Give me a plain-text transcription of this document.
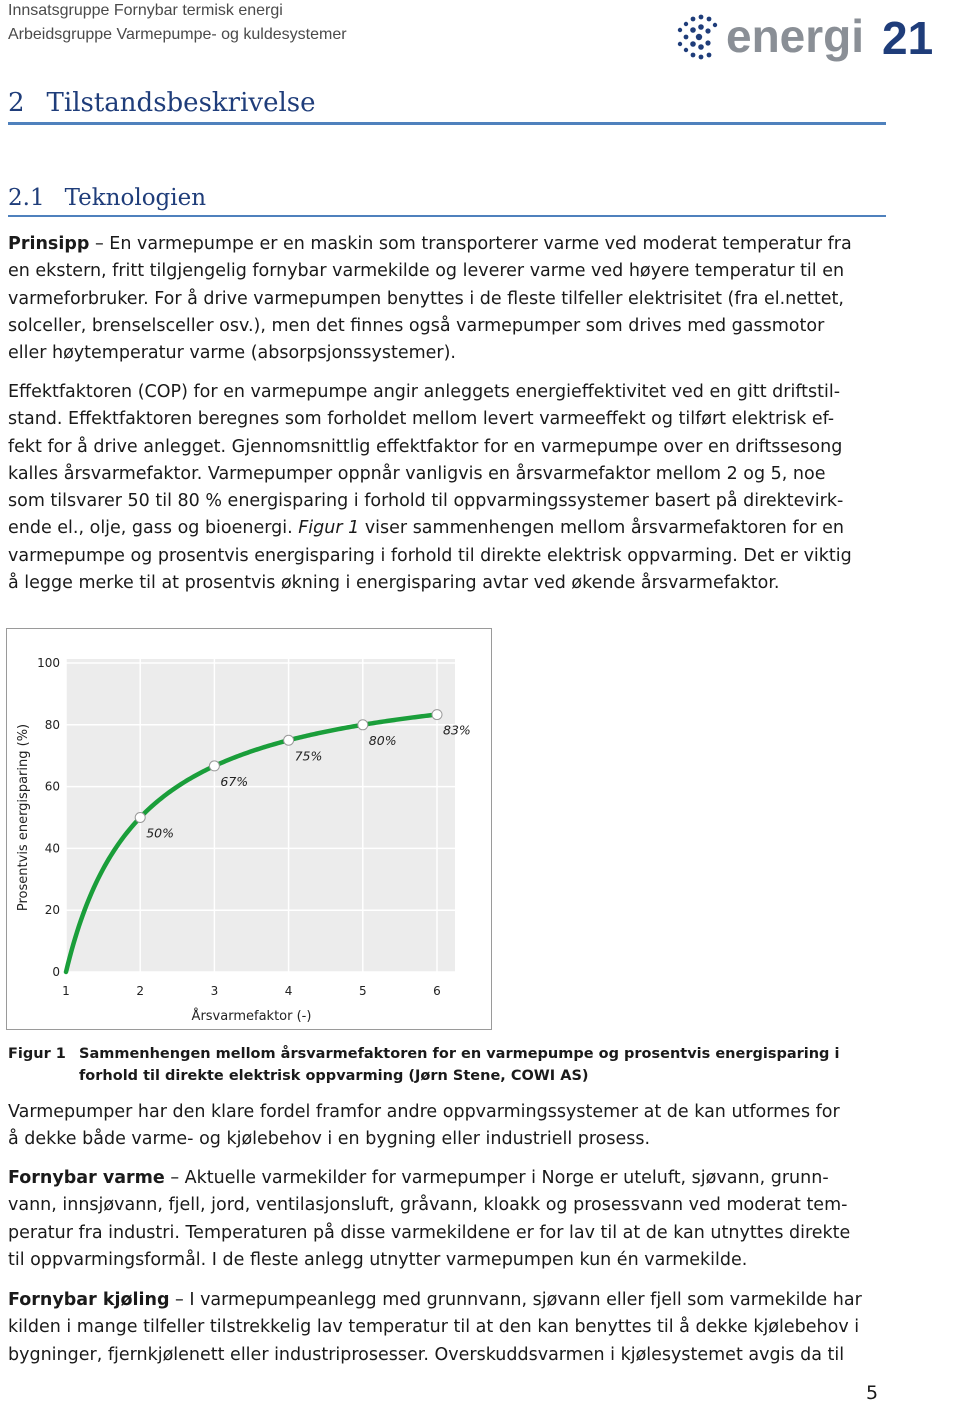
Innsatsgruppe Fornybar termisk energi
Arbeidsgruppe Varmepumpe- og kuldesystemer	energi 21
2 Tilstandsbeskrivelse
2.1 Teknologien
Prinsipp – En varmepumpe er en maskin som transporterer varme ved moderat temperatur fra
en ekstern, fritt tilgjengelig fornybar varmekilde og leverer varme ved høyere temperatur til en
varmeforbruker. For å drive varmepumpen benyttes i de fleste tilfeller elektrisitet (fra el.nettet,
solceller, brenselsceller osv.), men det finnes også varmepumper som drives med gassmotor
eller høytemperatur varme (absorpsjonssystemer).
Effektfaktoren (COP) for en varmepumpe angir anleggets energieffektivitet ved en gitt driftstil-
stand. Effektfaktoren beregnes som forholdet mellom levert varmeeffekt og tilført elektrisk ef-
fekt for å drive anlegget. Gjennomsnittlig effektfaktor for en varmepumpe over en driftssesong
kalles årsvarmefaktor. Varmepumper oppnår vanligvis en årsvarmefaktor mellom 2 og 5, noe
som tilsvarer 50 til 80 % energisparing i forhold til oppvarmingssystemer basert på direktevirk-
ende el., olje, gass og bioenergi. Figur 1 viser sammenhengen mellom årsvarmefaktoren for en
varmepumpe og prosentvis energisparing i forhold til direkte elektrisk oppvarming. Det er viktig
å legge merke til at prosentvis økning i energisparing avtar ved økende årsvarmefaktor.
0
20
40
60
80
100
1	2	3	4	5	6
Årsvarmefaktor (-)
Prosentvis energisparing (%)	50%
67%
75%
80%
83%
Figur 1 Sammenhengen mellom årsvarmefaktoren for en varmepumpe og prosentvis energisparing i forhold til direkte elektrisk oppvarming (Jørn Stene, COWI AS)
Varmepumper har den klare fordel framfor andre oppvarmingssystemer at de kan utformes for
å dekke både varme- og kjølebehov i en bygning eller industriell prosess.
Fornybar varme – Aktuelle varmekilder for varmepumper i Norge er uteluft, sjøvann, grunn-
vann, innsjøvann, fjell, jord, ventilasjonsluft, gråvann, kloakk og prosessvann ved moderat tem-
peratur fra industri. Temperaturen på disse varmekildene er for lav til at de kan utnyttes direkte
til oppvarmingsformål. I de fleste anlegg utnytter varmepumpen kun én varmekilde.
Fornybar kjøling – I varmepumpeanlegg med grunnvann, sjøvann eller fjell som varmekilde har
kilden i mange tilfeller tilstrekkelig lav temperatur til at den kan benyttes til å dekke kjølebehov i
bygninger, fjernkjølenett eller industriprosesser. Overskuddsvarmen i kjølesystemet avgis da til
5
